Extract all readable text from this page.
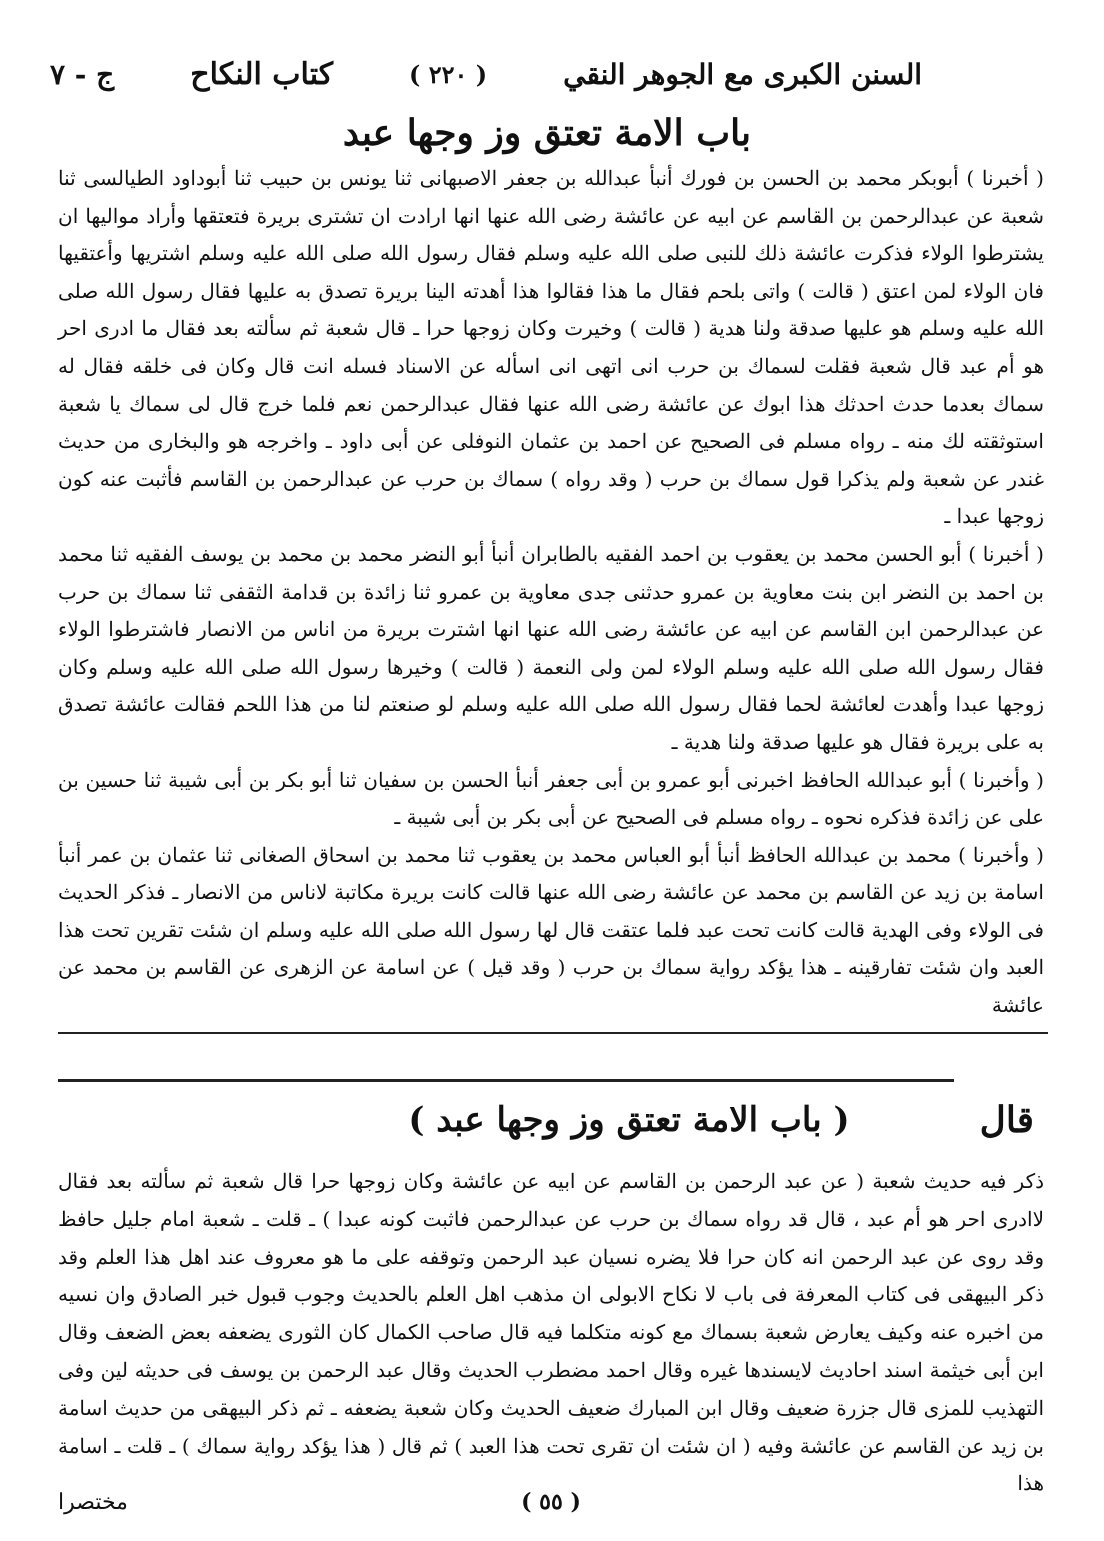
السنن الكبرى مع الجوهر النقي
( ٢٢٠ )
كتاب النكاح
ج - ٧
باب الامة تعتق وز وجها عبد

( أخبرنا ) أبوبكر محمد بن الحسن بن فورك أنبأ عبدالله بن جعفر الاصبهانى ثنا يونس بن حبيب ثنا أبوداود الطيالسى ثنا شعبة عن عبدالرحمن بن القاسم عن ابيه عن عائشة رضى الله عنها انها ارادت ان تشترى بريرة فتعتقها وأراد مواليها ان يشترطوا الولاء فذكرت عائشة ذلك للنبى صلى الله عليه وسلم فقال رسول الله صلى الله عليه وسلم اشتريها وأعتقيها فان الولاء لمن اعتق ( قالت ) واتى بلحم فقال ما هذا فقالوا هذا أهدته الينا بريرة تصدق به عليها فقال رسول الله صلى الله عليه وسلم هو عليها صدقة ولنا هدية ( قالت ) وخيرت وكان زوجها حرا ـ قال شعبة ثم سألته بعد فقال ما ادرى احر هو أم عبد قال شعبة فقلت لسماك بن حرب انى اتهى انى اسأله عن الاسناد فسله انت قال وكان فى خلقه فقال له سماك بعدما حدث احدثك هذا ابوك عن عائشة رضى الله عنها فقال عبدالرحمن نعم فلما خرج قال لى سماك يا شعبة استوثقته لك منه ـ رواه مسلم فى الصحيح عن احمد بن عثمان النوفلى عن أبى داود ـ واخرجه هو والبخارى من حديث غندر عن شعبة ولم يذكرا قول سماك بن حرب ( وقد رواه ) سماك بن حرب عن عبدالرحمن بن القاسم فأثبت عنه كون زوجها عبدا ـ

( أخبرنا ) أبو الحسن محمد بن يعقوب بن احمد الفقيه بالطابران أنبأ أبو النضر محمد بن محمد بن يوسف الفقيه ثنا محمد بن احمد بن النضر ابن بنت معاوية بن عمرو حدثنى جدى معاوية بن عمرو ثنا زائدة بن قدامة الثقفى ثنا سماك بن حرب عن عبدالرحمن ابن القاسم عن ابيه عن عائشة رضى الله عنها انها اشترت بريرة من اناس من الانصار فاشترطوا الولاء فقال رسول الله صلى الله عليه وسلم الولاء لمن ولى النعمة ( قالت ) وخيرها رسول الله صلى الله عليه وسلم وكان زوجها عبدا وأهدت لعائشة لحما فقال رسول الله صلى الله عليه وسلم لو صنعتم لنا من هذا اللحم فقالت عائشة تصدق به على بريرة فقال هو عليها صدقة ولنا هدية ـ

( وأخبرنا ) أبو عبدالله الحافظ اخبرنى أبو عمرو بن أبى جعفر أنبأ الحسن بن سفيان ثنا أبو بكر بن أبى شيبة ثنا حسين بن على عن زائدة فذكره نحوه ـ رواه مسلم فى الصحيح عن أبى بكر بن أبى شيبة ـ

( وأخبرنا ) محمد بن عبدالله الحافظ أنبأ أبو العباس محمد بن يعقوب ثنا محمد بن اسحاق الصغانى ثنا عثمان بن عمر أنبأ اسامة بن زيد عن القاسم بن محمد عن عائشة رضى الله عنها قالت كانت بريرة مكاتبة لاناس من الانصار ـ فذكر الحديث فى الولاء وفى الهدية قالت كانت تحت عبد فلما عتقت قال لها رسول الله صلى الله عليه وسلم ان شئت تقرين تحت هذا العبد وان شئت تفارقينه ـ هذا يؤكد رواية سماك بن حرب ( وقد قيل ) عن اسامة عن الزهرى عن القاسم بن محمد عن عائشة

قال
( باب الامة تعتق وز وجها عبد )
ذكر فيه حديث شعبة ( عن عبد الرحمن بن القاسم عن ابيه عن عائشة وكان زوجها حرا قال شعبة ثم سألته بعد فقال لاادرى احر هو أم عبد ، قال قد رواه سماك بن حرب عن عبدالرحمن فاثبت كونه عبدا ) ـ قلت ـ شعبة امام جليل حافظ وقد روى عن عبد الرحمن انه كان حرا فلا يضره نسيان عبد الرحمن وتوقفه على ما هو معروف عند اهل هذا العلم وقد ذكر البيهقى فى كتاب المعرفة فى باب لا نكاح الابولى ان مذهب اهل العلم بالحديث وجوب قبول خبر الصادق وان نسيه من اخبره عنه وكيف يعارض شعبة بسماك مع كونه متكلما فيه قال صاحب الكمال كان الثورى يضعفه بعض الضعف وقال ابن أبى خيثمة اسند احاديث لايسندها غيره وقال احمد مضطرب الحديث وقال عبد الرحمن بن يوسف فى حديثه لين وفى التهذيب للمزى قال جزرة ضعيف وقال ابن المبارك ضعيف الحديث وكان شعبة يضعفه ـ ثم ذكر البيهقى من حديث اسامة بن زيد عن القاسم عن عائشة وفيه ( ان شئت ان تقرى تحت هذا العبد ) ثم قال ( هذا يؤكد رواية سماك ) ـ قلت ـ اسامة هذا
مختصرا	( ٥٥ )
